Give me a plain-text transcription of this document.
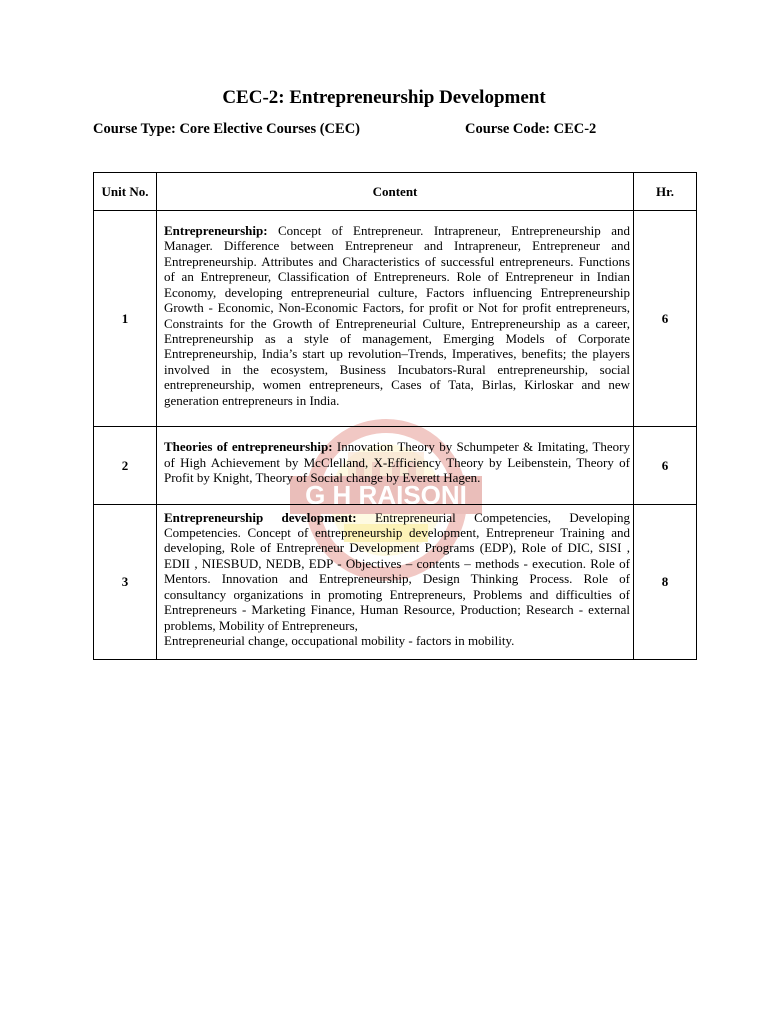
G H RAISONI
CEC-2: Entrepreneurship Development
Course Type: Core Elective Courses (CEC)	Course Code: CEC-2
Unit No.	Content	Hr.
1	Entrepreneurship: Concept of Entrepreneur. Intrapreneur, Entrepreneurship and Manager. Difference between Entrepreneur and Intrapreneur, Entrepreneur and Entrepreneurship. Attributes and Characteristics of successful entrepreneurs. Functions of an Entrepreneur, Classification of Entrepreneurs. Role of Entrepreneur in Indian Economy, developing entrepreneurial culture, Factors influencing Entrepreneurship Growth - Economic, Non-Economic Factors, for profit or Not for profit entrepreneurs, Constraints for the Growth of Entrepreneurial Culture, Entrepreneurship as a career, Entrepreneurship as a style of management, Emerging Models of Corporate Entrepreneurship, India’s start up revolution–Trends, Imperatives, benefits; the players involved in the ecosystem, Business Incubators-Rural entrepreneurship, social entrepreneurship, women entrepreneurs, Cases of Tata, Birlas, Kirloskar and new generation entrepreneurs in India.	6
2	Theories of entrepreneurship: Innovation Theory by Schumpeter & Imitating, Theory of High Achievement by McClelland, X-Efficiency Theory by Leibenstein, Theory of Profit by Knight, Theory of Social change by Everett Hagen.	6
3	Entrepreneurship development: Entrepreneurial Competencies, Developing Competencies. Concept of entrepreneurship development, Entrepreneur Training and developing, Role of Entrepreneur Development Programs (EDP), Role of DIC, SISI , EDII , NIESBUD, NEDB, EDP - Objectives – contents – methods - execution. Role of Mentors. Innovation and Entrepreneurship, Design Thinking Process. Role of consultancy organizations in promoting Entrepreneurs, Problems and difficulties of Entrepreneurs - Marketing Finance, Human Resource, Production; Research - external problems, Mobility of Entrepreneurs,
Entrepreneurial change, occupational mobility - factors in mobility.	8
